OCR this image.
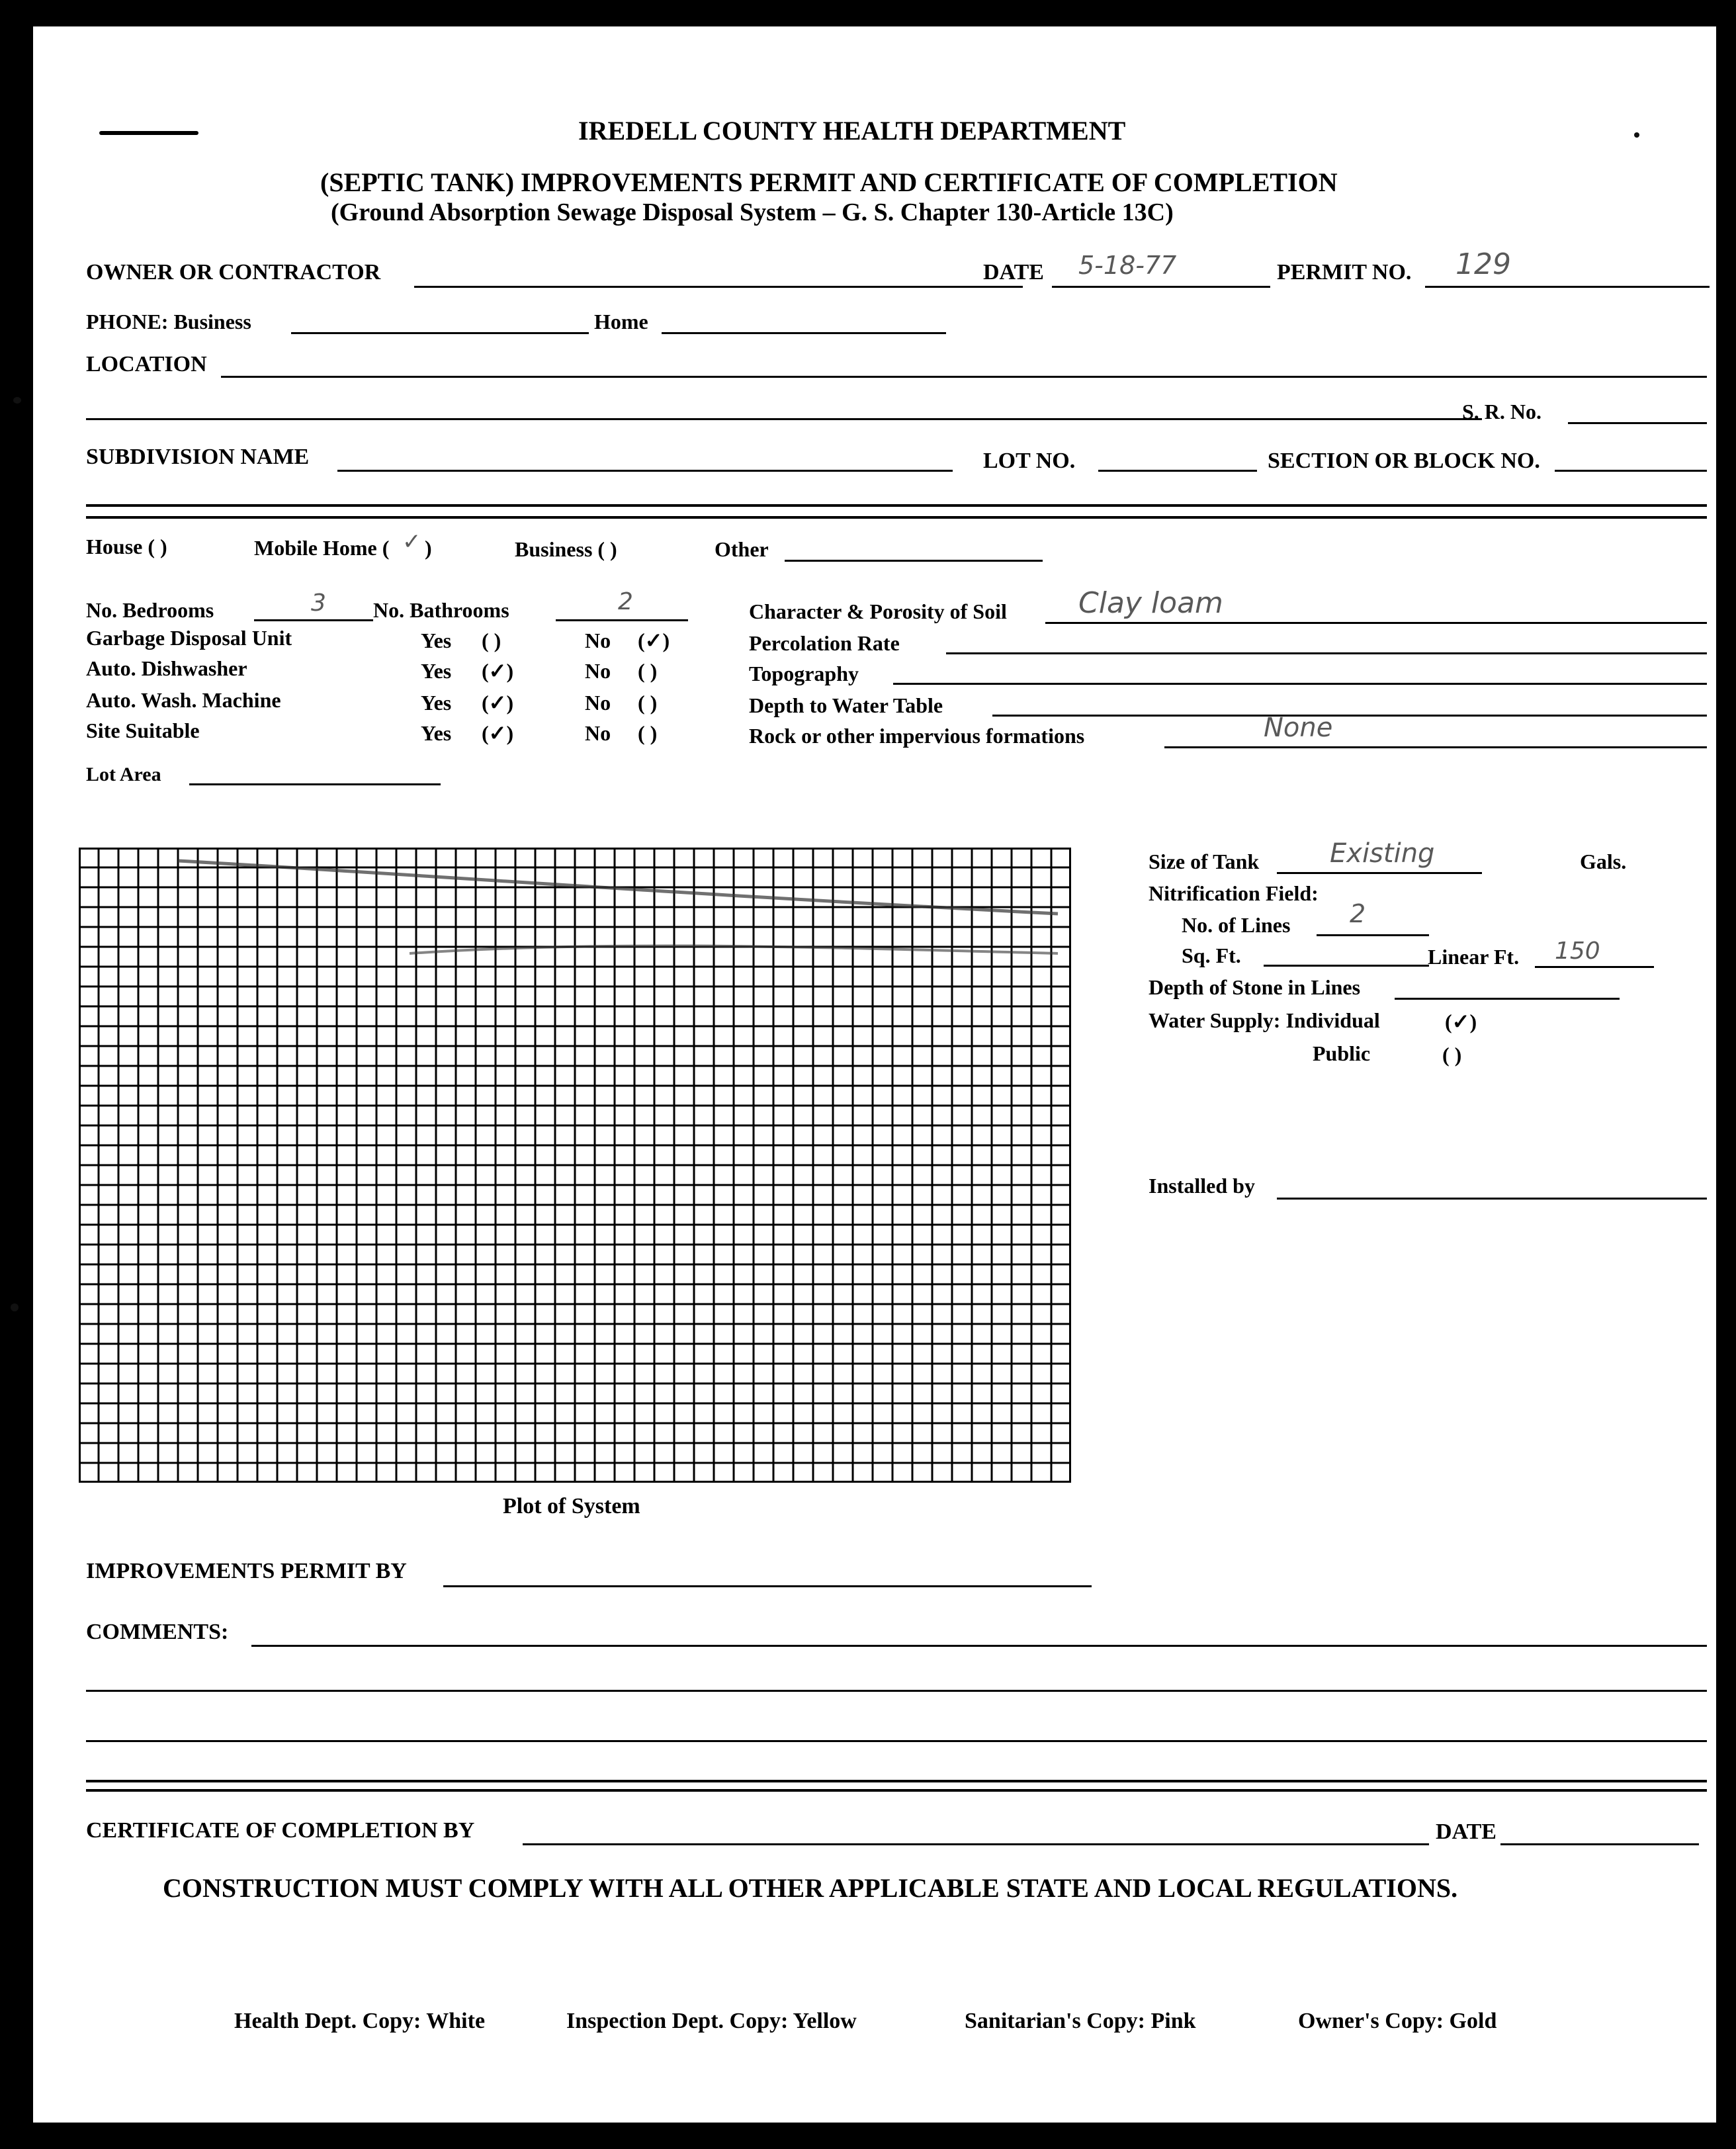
IREDELL COUNTY HEALTH DEPARTMENT
(SEPTIC TANK) IMPROVEMENTS PERMIT AND CERTIFICATE OF COMPLETION
(Ground Absorption Sewage Disposal System – G. S. Chapter 130-Article 13C)
OWNER OR CONTRACTOR	DATE 5-18-77	PERMIT NO. 129
PHONE: Business	Home
LOCATION
S. R. No.
SUBDIVISION NAME	LOT NO.	SECTION OR BLOCK NO.
House ( )	Mobile Home ( ✓ )	Business ( )	Other
No. Bedrooms	3 No. Bathrooms	2
Garbage Disposal Unit	Yes ( )	No (✓)
Auto. Dishwasher	Yes (✓)	No ( )
Auto. Wash. Machine	Yes (✓)	No ( )
Site Suitable	Yes (✓)	No ( )
Lot Area
Character & Porosity of Soil Clay loam
Percolation Rate
Topography
Depth to Water Table
Rock or other impervious formations	None
Plot of System
Size of Tank	Existing	Gals.
Nitrification Field:
No. of Lines 2
Sq. Ft.	Linear Ft. 150
Depth of Stone in Lines
Water Supply: Individual	(✓)
Public	( )
Installed by
IMPROVEMENTS PERMIT BY
COMMENTS:
CERTIFICATE OF COMPLETION BY	DATE
CONSTRUCTION MUST COMPLY WITH ALL OTHER APPLICABLE STATE AND LOCAL REGULATIONS.
Health Dept. Copy: White	Inspection Dept. Copy: Yellow	Sanitarian's Copy: Pink	Owner's Copy: Gold
